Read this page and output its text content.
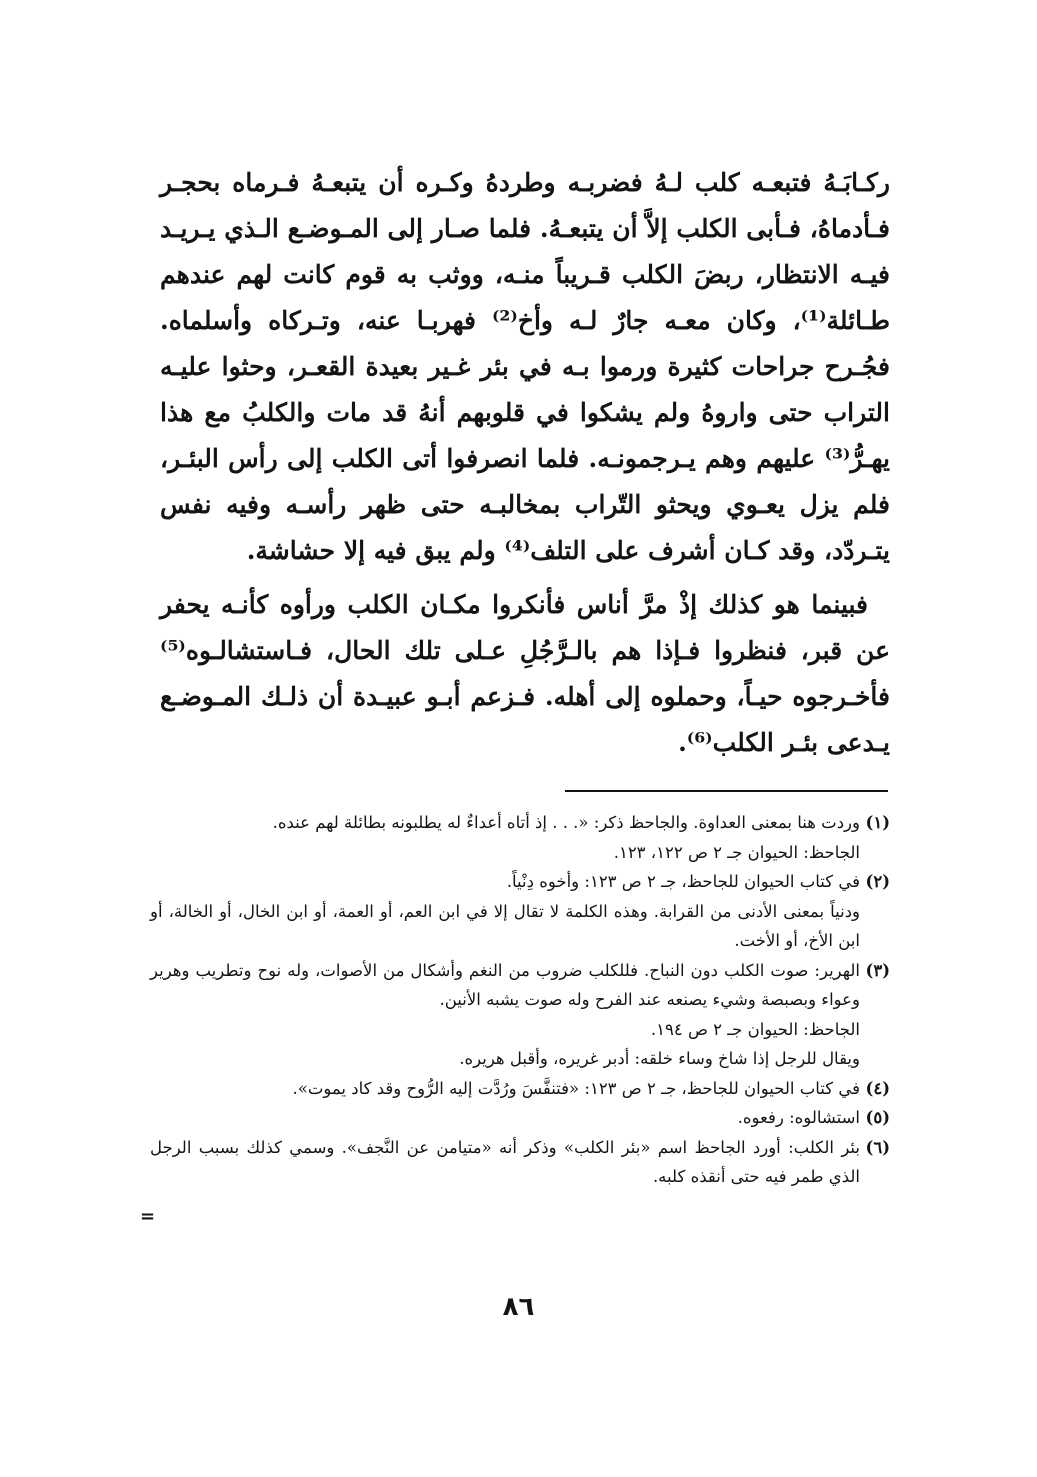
ركـابَـهُ فتبعـه كلب لـهُ فضربـه وطردهُ وكـره أن يتبعـهُ فـرماه بحجـر فـأدماهُ، فـأبى الكلب إلاَّ أن يتبعـهُ. فلما صـار إلى المـوضـع الـذي يـريـد فيـه الانتظار، ربضَ الكلب قـريباً منـه، ووثب به قوم كانت لهم عندهم طـائلة⁽¹⁾، وكان معـه جارٌ لـه وأخ⁽²⁾ فهربـا عنه، وتـركاه وأسلماه. فجُـرح جراحات كثيرة ورموا بـه في بئر غـير بعيدة القعـر، وحثوا عليـه التراب حتى واروهُ ولم يشكوا في قلوبهم أنهُ قد مات والكلبُ مع هذا يهـرُّ⁽³⁾ عليهم وهم يـرجمونـه. فلما انصرفوا أتى الكلب إلى رأس البئـر، فلم يزل يعـوي ويحثو التّراب بمخالبـه حتى ظهر رأسـه وفيه نفس يتـردّد، وقد كـان أشرف على التلف⁽⁴⁾ ولم يبق فيه إلا حشاشة.

فبينما هو كذلك إذْ مرَّ أناس فأنكروا مكـان الكلب ورأوه كأنـه يحفر عن قبر، فنظروا فـإذا هم بالـرَّجُلِ عـلى تلك الحال، فـاستشالـوه⁽⁵⁾ فأخـرجوه حيـاً، وحملوه إلى أهله. فـزعم أبـو عبيـدة أن ذلـك المـوضـع يـدعى بئـر الكلب⁽⁶⁾.

(١)
وردت هنا بمعنى العداوة. والجاحظ ذكر: «. . . إذ أتاه أعداءٌ له يطلبونه بطائلة لهم عنده.
الجاحظ: الحيوان جـ ٢ ص ١٢٢، ١٢٣.
(٢)
في كتاب الحيوان للجاحظ، جـ ٢ ص ١٢٣: وأخوه دِنْياً.
ودنياً بمعنى الأدنى من القرابة. وهذه الكلمة لا تقال إلا في ابن العم، أو العمة، أو ابن الخال، أو الخالة، أو ابن الأخ، أو الأخت.
(٣)
الهرير: صوت الكلب دون النباح. فللكلب ضروب من النغم وأشكال من الأصوات، وله نوح وتطريب وهرير وعواء وبصبصة وشيء يصنعه عند الفرح وله صوت يشبه الأنين.
الجاحظ: الحيوان جـ ٢ ص ١٩٤.
ويقال للرجل إذا شاخ وساء خلقه: أدبر غريره، وأقبل هريره.
(٤)
في كتاب الحيوان للجاحظ، جـ ٢ ص ١٢٣: «فتنفَّسَ ورُدَّت إليه الرُّوح وقد كاد يموت».
(٥)
استشالوه: رفعوه.
(٦)
بئر الكلب: أورد الجاحظ اسم «بئر الكلب» وذكر أنه «متيامن عن النَّجف». وسمي كذلك بسبب الرجل الذي طمر فيه حتى أنقذه كلبه.
=
٨٦
